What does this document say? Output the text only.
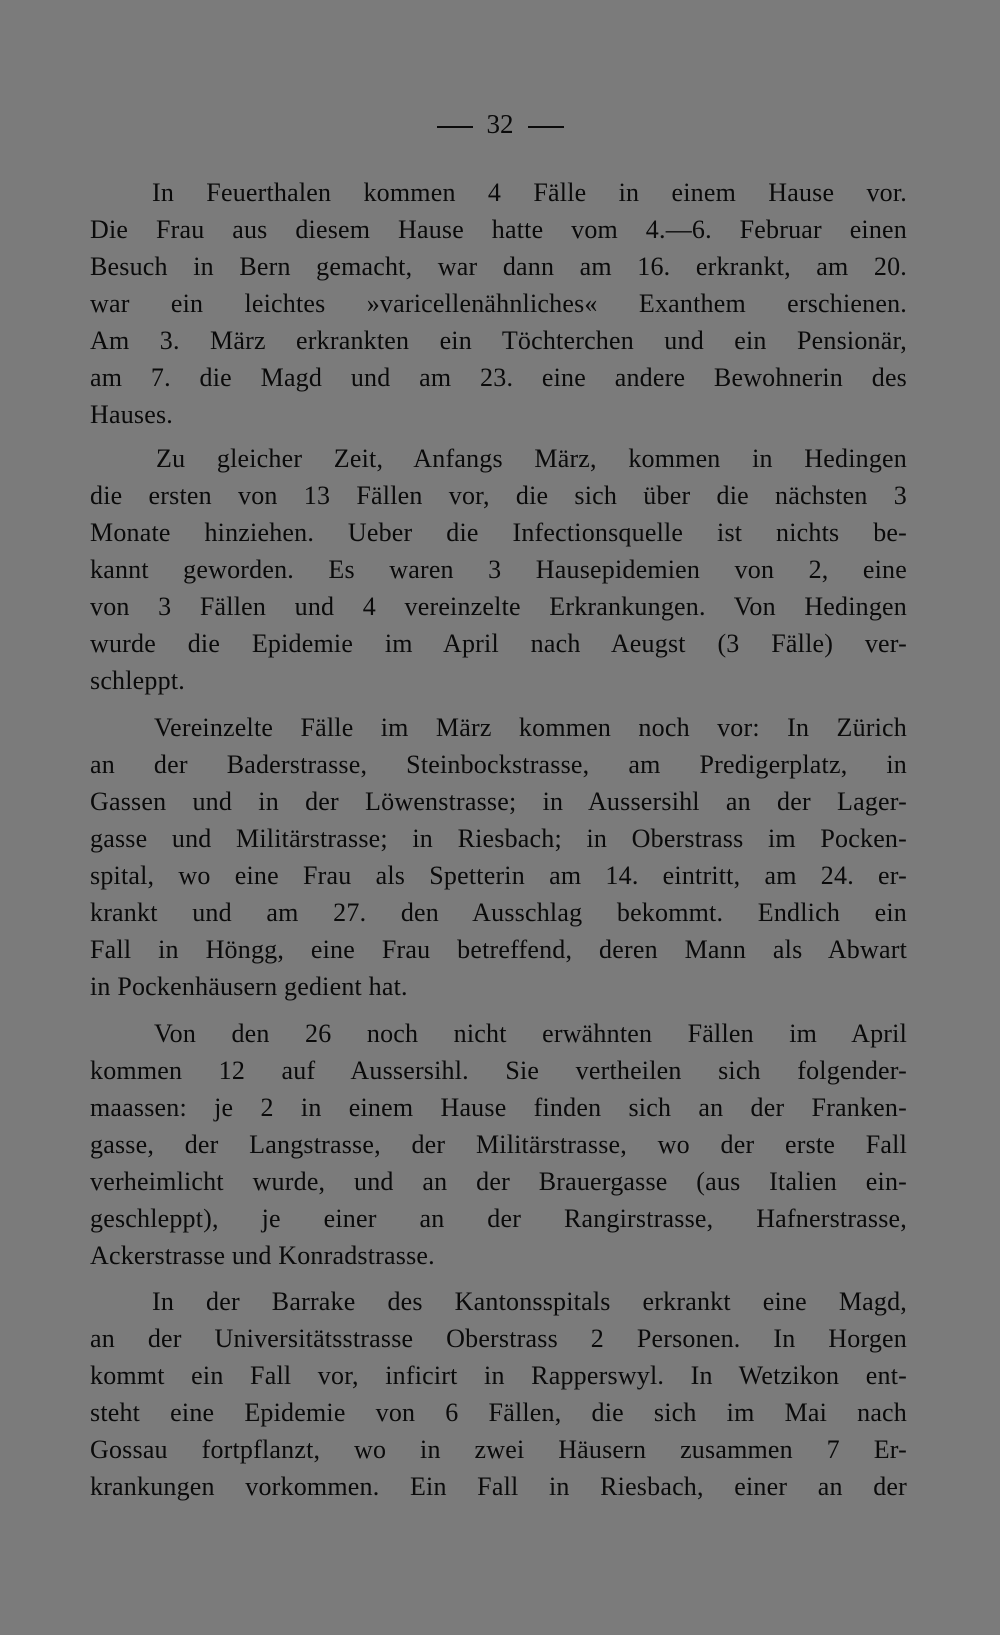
32
In Feuerthalen kommen 4 Fälle in einem Hause vor.
Die Frau aus diesem Hause hatte vom 4.—6. Februar einen
Besuch in Bern gemacht, war dann am 16. erkrankt, am 20.
war ein leichtes »varicellenähnliches« Exanthem erschienen.
Am 3. März erkrankten ein Töchterchen und ein Pensionär,
am 7. die Magd und am 23. eine andere Bewohnerin des
Hauses.
Zu gleicher Zeit, Anfangs März, kommen in Hedingen
die ersten von 13 Fällen vor, die sich über die nächsten 3
Monate hinziehen. Ueber die Infectionsquelle ist nichts be-
kannt geworden. Es waren 3 Hausepidemien von 2, eine
von 3 Fällen und 4 vereinzelte Erkrankungen. Von Hedingen
wurde die Epidemie im April nach Aeugst (3 Fälle) ver-
schleppt.
Vereinzelte Fälle im März kommen noch vor: In Zürich
an der Baderstrasse, Steinbockstrasse, am Predigerplatz, in
Gassen und in der Löwenstrasse; in Aussersihl an der Lager-
gasse und Militärstrasse; in Riesbach; in Oberstrass im Pocken-
spital, wo eine Frau als Spetterin am 14. eintritt, am 24. er-
krankt und am 27. den Ausschlag bekommt. Endlich ein
Fall in Höngg, eine Frau betreffend, deren Mann als Abwart
in Pockenhäusern gedient hat.
Von den 26 noch nicht erwähnten Fällen im April
kommen 12 auf Aussersihl. Sie vertheilen sich folgender-
maassen: je 2 in einem Hause finden sich an der Franken-
gasse, der Langstrasse, der Militärstrasse, wo der erste Fall
verheimlicht wurde, und an der Brauergasse (aus Italien ein-
geschleppt), je einer an der Rangirstrasse, Hafnerstrasse,
Ackerstrasse und Konradstrasse.
In der Barrake des Kantonsspitals erkrankt eine Magd,
an der Universitätsstrasse Oberstrass 2 Personen. In Horgen
kommt ein Fall vor, inficirt in Rapperswyl. In Wetzikon ent-
steht eine Epidemie von 6 Fällen, die sich im Mai nach
Gossau fortpflanzt, wo in zwei Häusern zusammen 7 Er-
krankungen vorkommen. Ein Fall in Riesbach, einer an der
